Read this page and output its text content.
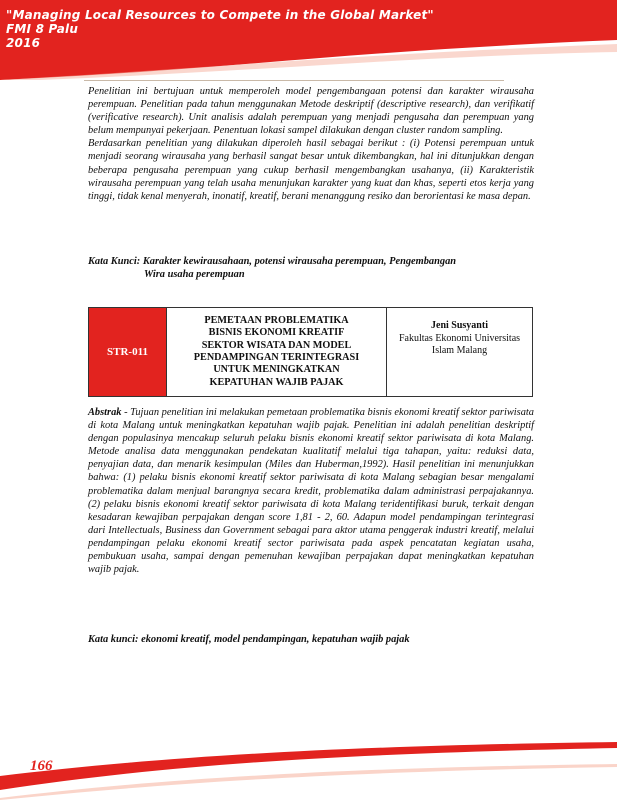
"Managing Local Resources to Compete in the Global Market"
FMI 8 Palu
2016

Penelitian ini bertujuan untuk memperoleh model pengembangaan potensi dan karakter wirausaha perempuan. Penelitian pada tahun menggunakan Metode deskriptif (descriptive research), dan verifikatif (verificative research). Unit analisis adalah perempuan yang menjadi pengusaha dan perempuan yang belum mempunyai pekerjaan. Penentuan lokasi sampel dilakukan dengan cluster random sampling.

Berdasarkan penelitian yang dilakukan diperoleh hasil sebagai berikut : (i) Potensi perempuan untuk menjadi seorang wirausaha yang berhasil sangat besar untuk dikembangkan, hal ini ditunjukkan dengan beberapa pengusaha perempuan yang cukup berhasil mengembangkan usahanya, (ii) Karakteristik wirausaha perempuan yang telah usaha menunjukan karakter yang kuat dan khas, seperti etos kerja yang tinggi, tidak kenal menyerah, inonatif, kreatif, berani menanggung resiko dan berorientasi ke masa depan.

Kata Kunci: Karakter kewirausahaan, potensi wirausaha perempuan, Pengembangan
Wira usaha perempuan
STR-011
PEMETAAN PROBLEMATIKA
BISNIS EKONOMI KREATIF
SEKTOR WISATA DAN MODEL
PENDAMPINGAN TERINTEGRASI
UNTUK MENINGKATKAN
KEPATUHAN WAJIB PAJAK
Jeni Susyanti
Fakultas Ekonomi Universitas
Islam Malang

Abstrak - Tujuan penelitian ini melakukan pemetaan problematika bisnis ekonomi kreatif sektor pariwisata di kota Malang untuk meningkatkan kepatuhan wajib pajak. Penelitian ini adalah penelitian deskriptif dengan populasinya mencakup seluruh pelaku bisnis ekonomi kreatif sektor pariwisata di kota Malang. Metode analisa data menggunakan pendekatan kualitatif melalui tiga tahapan, yaitu: reduksi data, penyajian data, dan menarik kesimpulan (Miles dan Huberman,1992). Hasil penelitian ini menunjukkan bahwa: (1) pelaku bisnis ekonomi kreatif sektor pariwisata di kota Malang sebagian besar mengalami problematika dalam menjual barangnya secara kredit, problematika dalam administrasi perpajakannya. (2) pelaku bisnis ekonomi kreatif sektor pariwisata di kota Malang teridentifikasi buruk, terkait dengan kesadaran kewajiban perpajakan dengan score 1,81 - 2, 60. Adapun model pendampingan terintegrasi dari Intellectuals, Business dan Government sebagai para aktor utama penggerak industri kreatif, melalui pendampingan pelaku ekonomi kreatif sector pariwisata pada aspek pencatatan kegiatan usaha, pembukuan usaha, sampai dengan pemenuhan kewajiban perpajakan dapat meningkatkan kepatuhan wajib pajak.

Kata kunci: ekonomi kreatif, model pendampingan, kepatuhan wajib pajak
166
